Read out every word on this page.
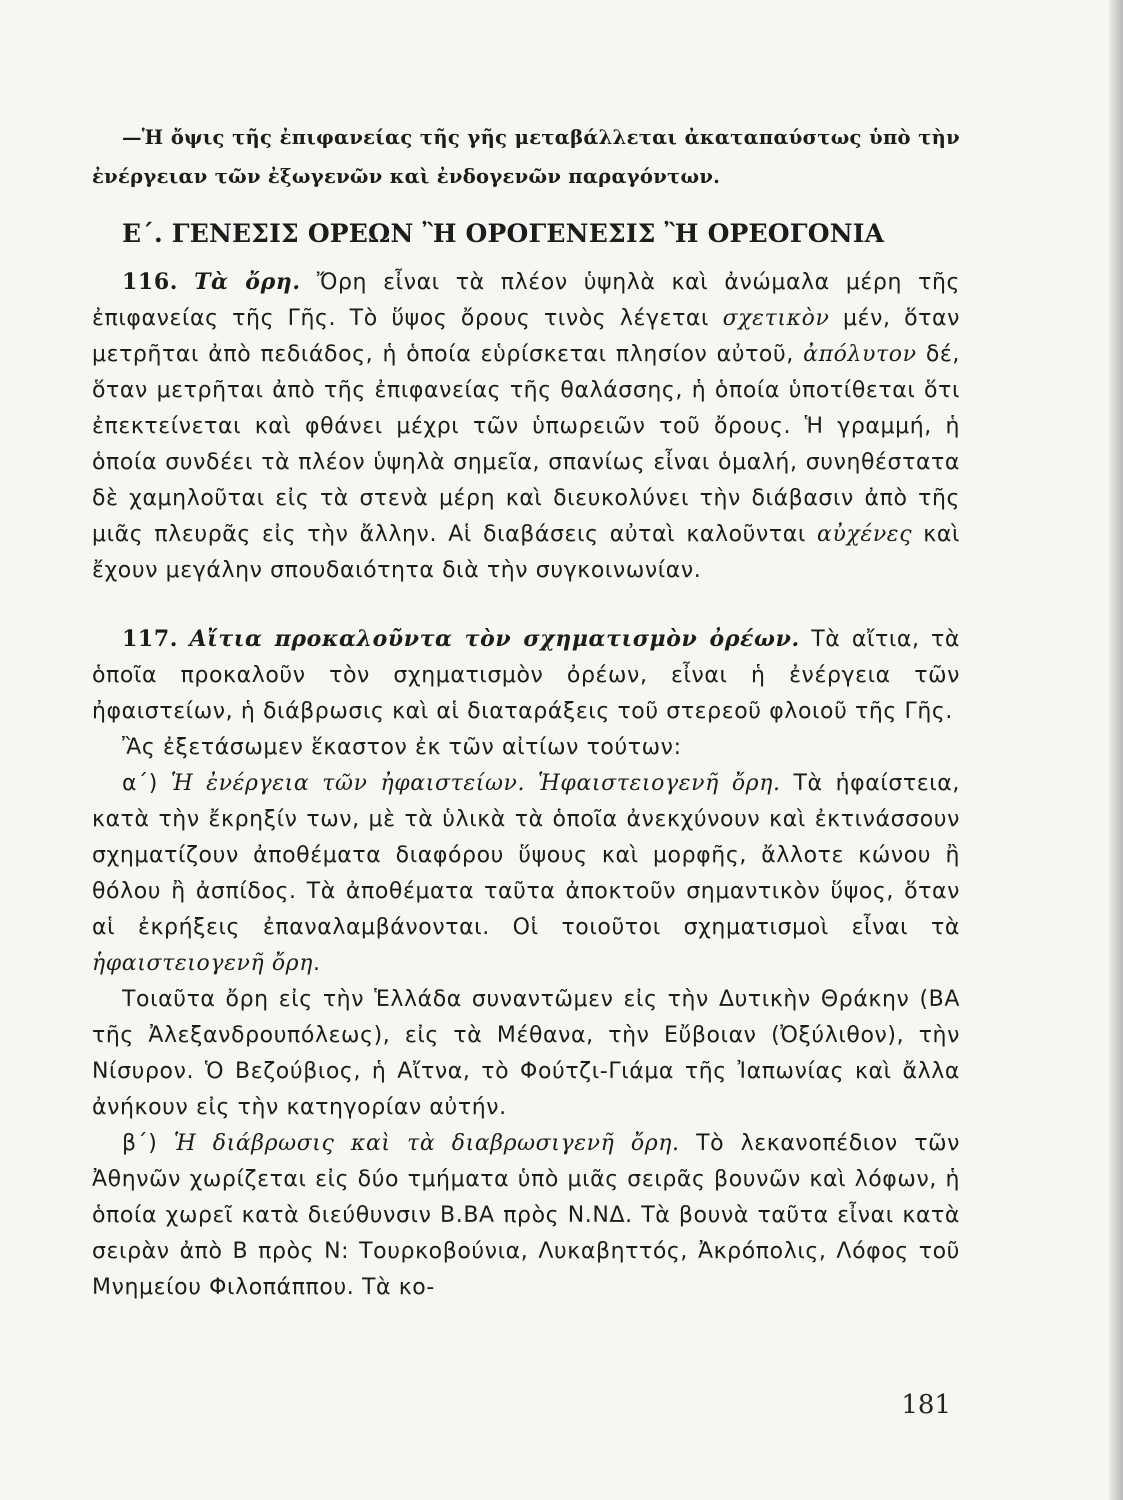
—Ἡ ὄψις τῆς ἐπιφανείας τῆς γῆς μεταβάλλεται ἀκαταπαύστως ὑπὸ τὴν ἐνέργειαν τῶν ἐξωγενῶν καὶ ἐνδογενῶν παραγόντων.

Ε΄. ΓΕΝΕΣΙΣ ΟΡΕΩΝ Ἢ ΟΡΟΓΕΝΕΣΙΣ Ἢ ΟΡΕΟΓΟΝΙΑ

116. Τὰ ὄρη. Ὄρη εἶναι τὰ πλέον ὑψηλὰ καὶ ἀνώμαλα μέρη τῆς ἐπιφανείας τῆς Γῆς. Τὸ ὕψος ὄρους τινὸς λέγεται σχετικὸν μέν, ὅταν μετρῆται ἀπὸ πεδιάδος, ἡ ὁποία εὑρίσκεται πλησίον αὐτοῦ, ἀπόλυτον δέ, ὅταν μετρῆται ἀπὸ τῆς ἐπιφανείας τῆς θαλάσσης, ἡ ὁποία ὑποτίθεται ὅτι ἐπεκτείνεται καὶ φθάνει μέχρι τῶν ὑπωρειῶν τοῦ ὄρους. Ἡ γραμμή, ἡ ὁποία συνδέει τὰ πλέον ὑψηλὰ σημεῖα, σπανίως εἶναι ὁμαλή, συνηθέστατα δὲ χαμηλοῦται εἰς τὰ στενὰ μέρη καὶ διευκολύνει τὴν διάβασιν ἀπὸ τῆς μιᾶς πλευρᾶς εἰς τὴν ἄλλην. Αἱ διαβάσεις αὐταὶ καλοῦνται αὐχένες καὶ ἔχουν μεγάλην σπουδαιότητα διὰ τὴν συγκοινωνίαν.

117. Αἴτια προκαλοῦντα τὸν σχηματισμὸν ὀρέων. Τὰ αἴτια, τὰ ὁποῖα προκαλοῦν τὸν σχηματισμὸν ὀρέων, εἶναι ἡ ἐνέργεια τῶν ἠφαιστείων, ἡ διάβρωσις καὶ αἱ διαταράξεις τοῦ στερεοῦ φλοιοῦ τῆς Γῆς.

Ἂς ἐξετάσωμεν ἕκαστον ἐκ τῶν αἰτίων τούτων:

α΄) Ἡ ἐνέργεια τῶν ἠφαιστείων. Ἡφαιστειογενῆ ὄρη. Τὰ ἡφαίστεια, κατὰ τὴν ἔκρηξίν των, μὲ τὰ ὑλικὰ τὰ ὁποῖα ἀνεκχύνουν καὶ ἐκτινάσσουν σχηματίζουν ἀποθέματα διαφόρου ὕψους καὶ μορφῆς, ἄλλοτε κώνου ἢ θόλου ἢ ἀσπίδος. Τὰ ἀποθέματα ταῦτα ἀποκτοῦν σημαντικὸν ὕψος, ὅταν αἱ ἐκρήξεις ἐπαναλαμβάνονται. Οἱ τοιοῦτοι σχηματισμοὶ εἶναι τὰ ἡφαιστειογενῆ ὄρη.

Τοιαῦτα ὄρη εἰς τὴν Ἑλλάδα συναντῶμεν εἰς τὴν Δυτικὴν Θράκην (ΒΑ τῆς Ἀλεξανδρουπόλεως), εἰς τὰ Μέθανα, τὴν Εὔβοιαν (Ὀξύλιθον), τὴν Νίσυρον. Ὁ Βεζούβιος, ἡ Αἴτνα, τὸ Φούτζι-Γιάμα τῆς Ἰαπωνίας καὶ ἄλλα ἀνήκουν εἰς τὴν κατηγορίαν αὐτήν.

β΄) Ἡ διάβρωσις καὶ τὰ διαβρωσιγενῆ ὄρη. Τὸ λεκανοπέδιον τῶν Ἀθηνῶν χωρίζεται εἰς δύο τμήματα ὑπὸ μιᾶς σειρᾶς βουνῶν καὶ λόφων, ἡ ὁποία χωρεῖ κατὰ διεύθυνσιν Β.ΒΑ πρὸς Ν.ΝΔ. Τὰ βουνὰ ταῦτα εἶναι κατὰ σειρὰν ἀπὸ Β πρὸς Ν: Τουρκοβούνια, Λυκαβηττός, Ἀκρόπολις, Λόφος τοῦ Μνημείου Φιλοπάππου. Τὰ κο-

181
